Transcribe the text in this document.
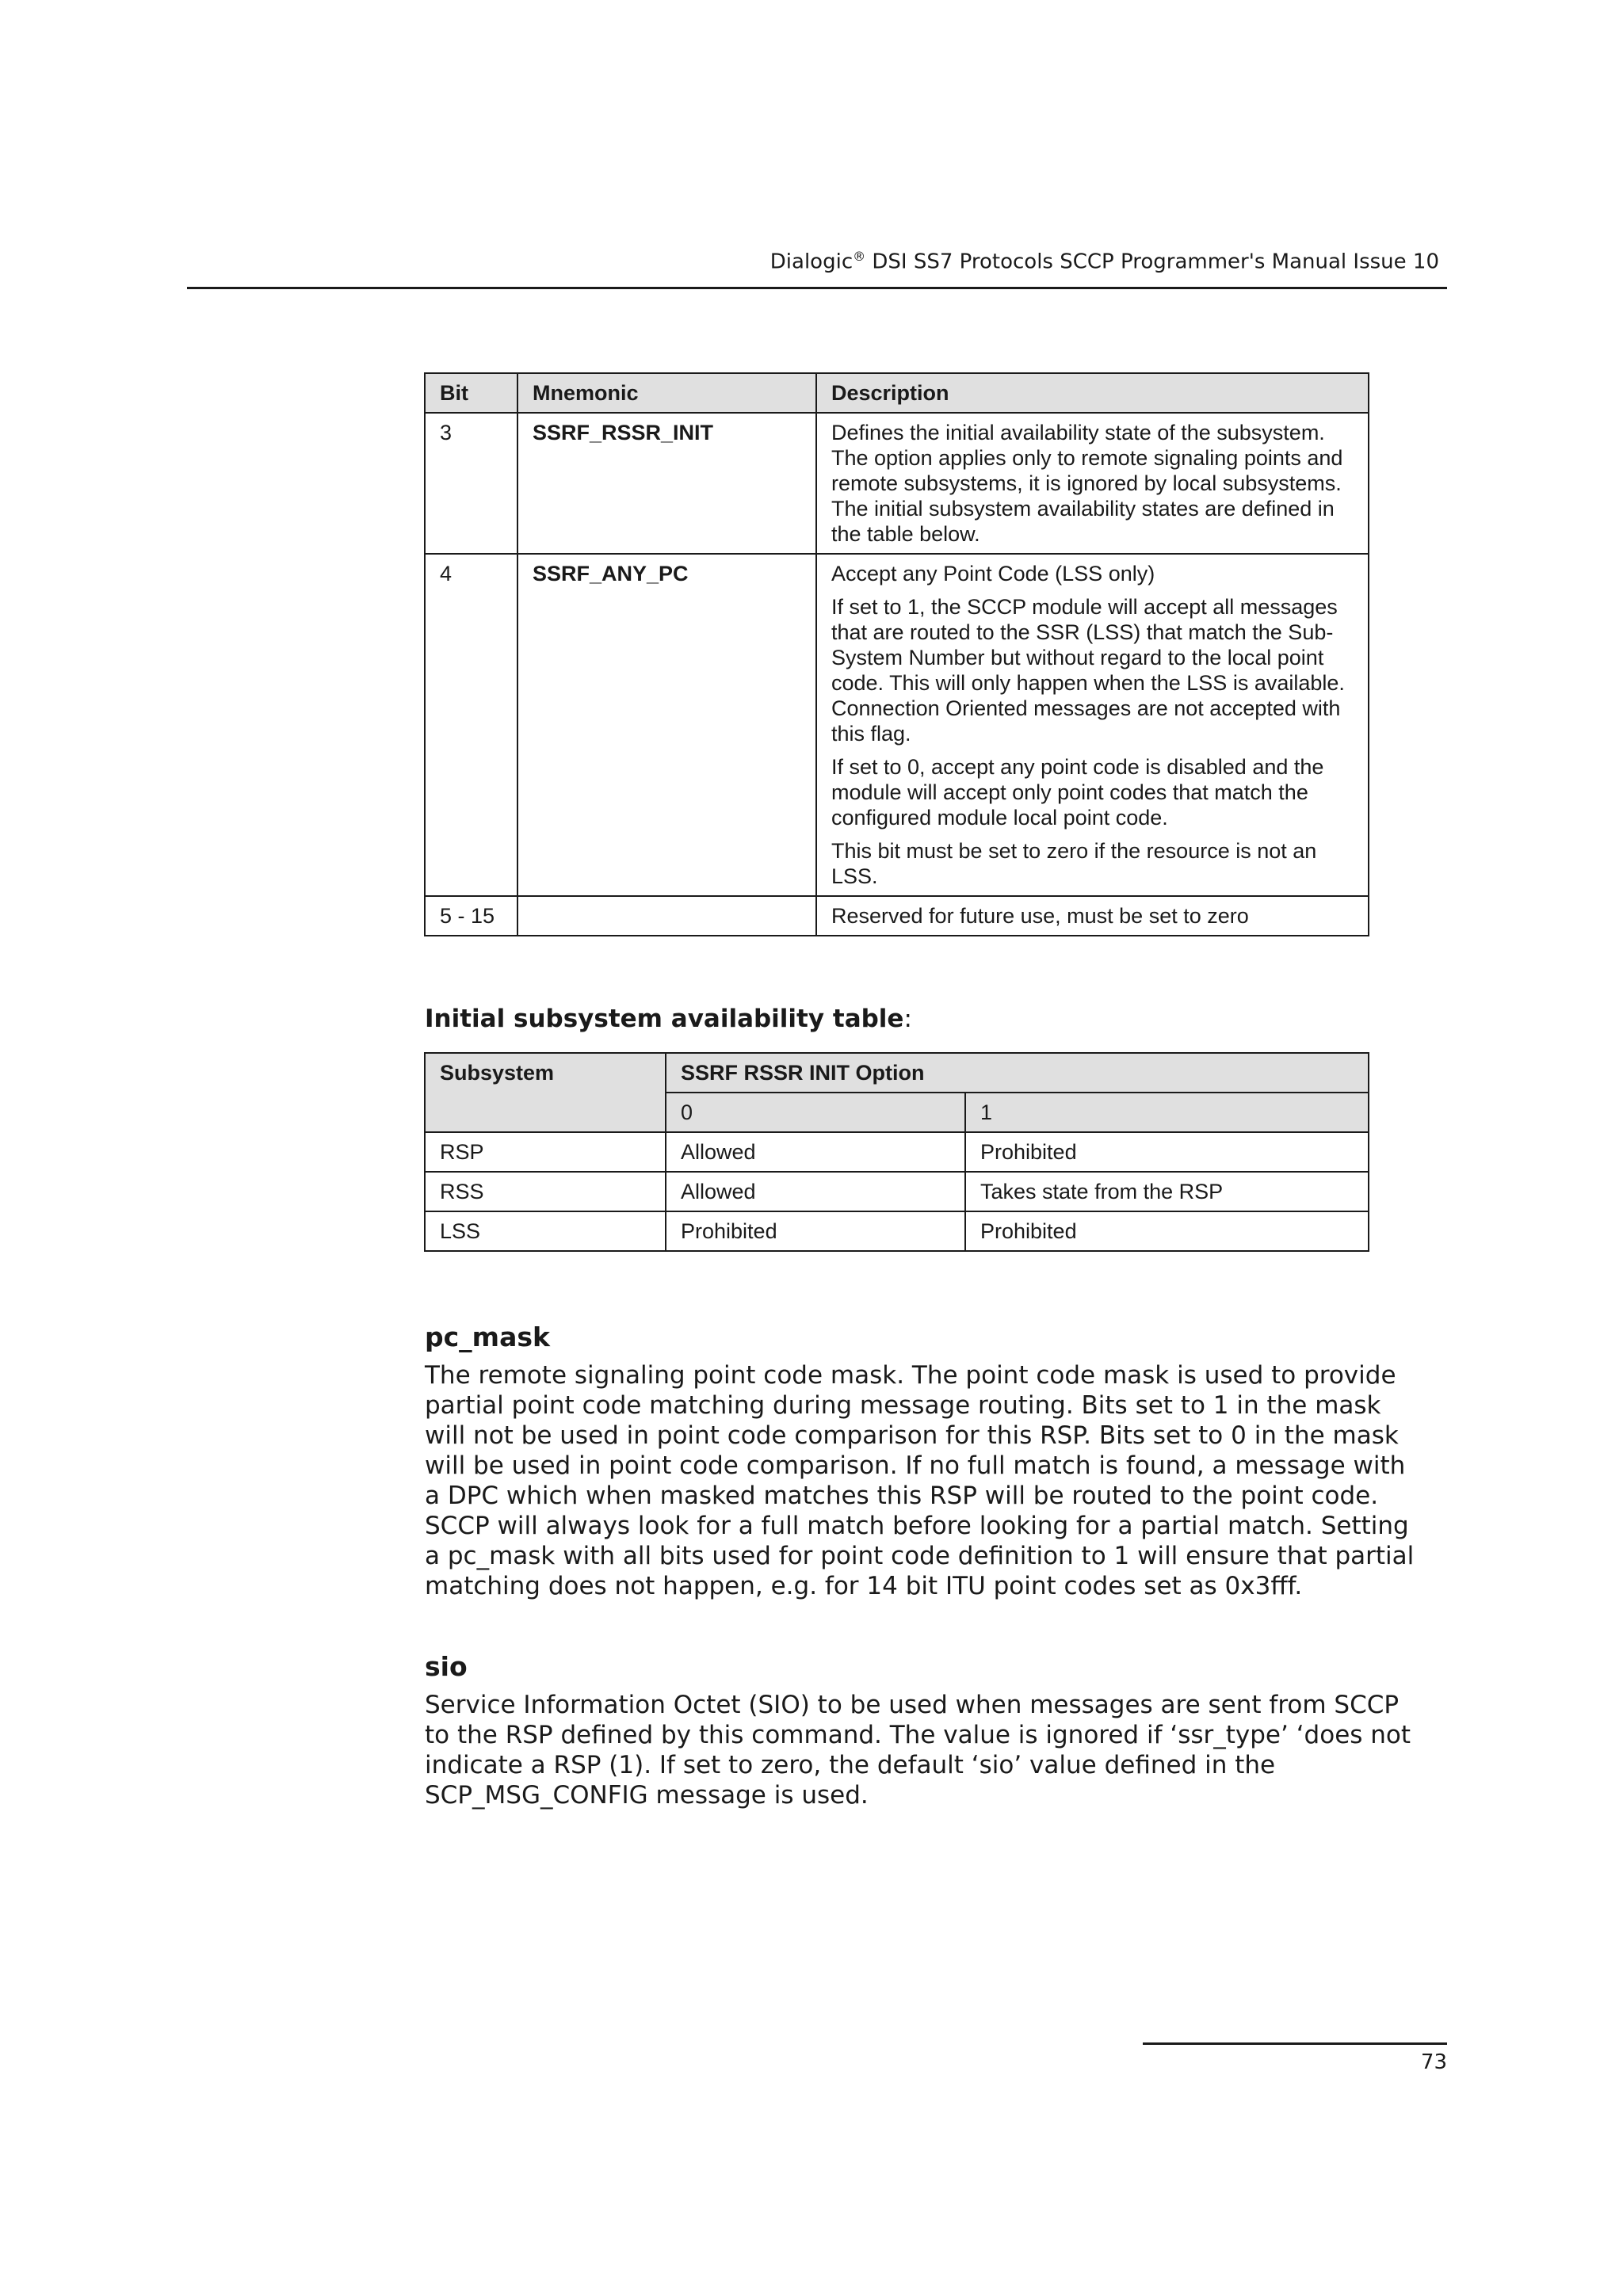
Dialogic® DSI SS7 Protocols SCCP Programmer's Manual Issue 10
Bit	Mnemonic	Description
3	SSRF_RSSR_INIT	Defines the initial availability state of the subsystem. The option applies only to remote signaling points and remote subsystems, it is ignored by local subsystems. The initial subsystem availability states are defined in the table below.

4	SSRF_ANY_PC	Accept any Point Code (LSS only)
If set to 1, the SCCP module will accept all messages that are routed to the SSR (LSS) that match the Sub-System Number but without regard to the local point code. This will only happen when the LSS is available. Connection Oriented messages are not accepted with this flag.
If set to 0, accept any point code is disabled and the module will accept only point codes that match the configured module local point code.
This bit must be set to zero if the resource is not an LSS.

5 - 15		Reserved for future use, must be set to zero
Initial subsystem availability table:
Subsystem	SSRF RSSR INIT Option	
	0	1
RSP	Allowed	Prohibited
RSS	Allowed	Takes state from the RSP
LSS	Prohibited	Prohibited
pc_mask
The remote signaling point code mask. The point code mask is used to provide
partial point code matching during message routing. Bits set to 1 in the mask
will not be used in point code comparison for this RSP. Bits set to 0 in the mask
will be used in point code comparison. If no full match is found, a message with
a DPC which when masked matches this RSP will be routed to the point code.
SCCP will always look for a full match before looking for a partial match. Setting
a pc_mask with all bits used for point code definition to 1 will ensure that partial
matching does not happen, e.g. for 14 bit ITU point codes set as 0x3fff.
sio
Service Information Octet (SIO) to be used when messages are sent from SCCP
to the RSP defined by this command. The value is ignored if ‘ssr_type’ ‘does not
indicate a RSP (1). If set to zero, the default ‘sio’ value defined in the
SCP_MSG_CONFIG message is used.
73
